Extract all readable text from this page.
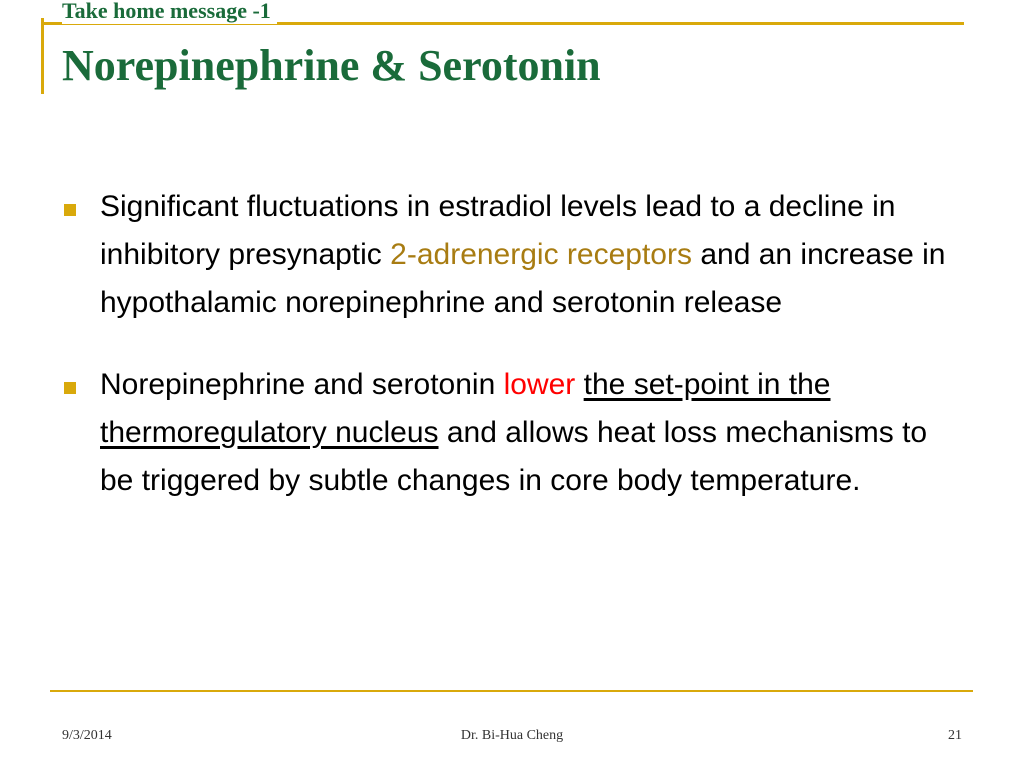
Take home message -1
Norepinephrine & Serotonin
Significant fluctuations in estradiol levels lead to a decline in inhibitory presynaptic 2-adrenergic receptors and an increase in hypothalamic norepinephrine and serotonin release
Norepinephrine and serotonin lower the set-point in the thermoregulatory nucleus and allows heat loss mechanisms to be triggered by subtle changes in core body temperature.
9/3/2014	Dr. Bi-Hua Cheng	21
